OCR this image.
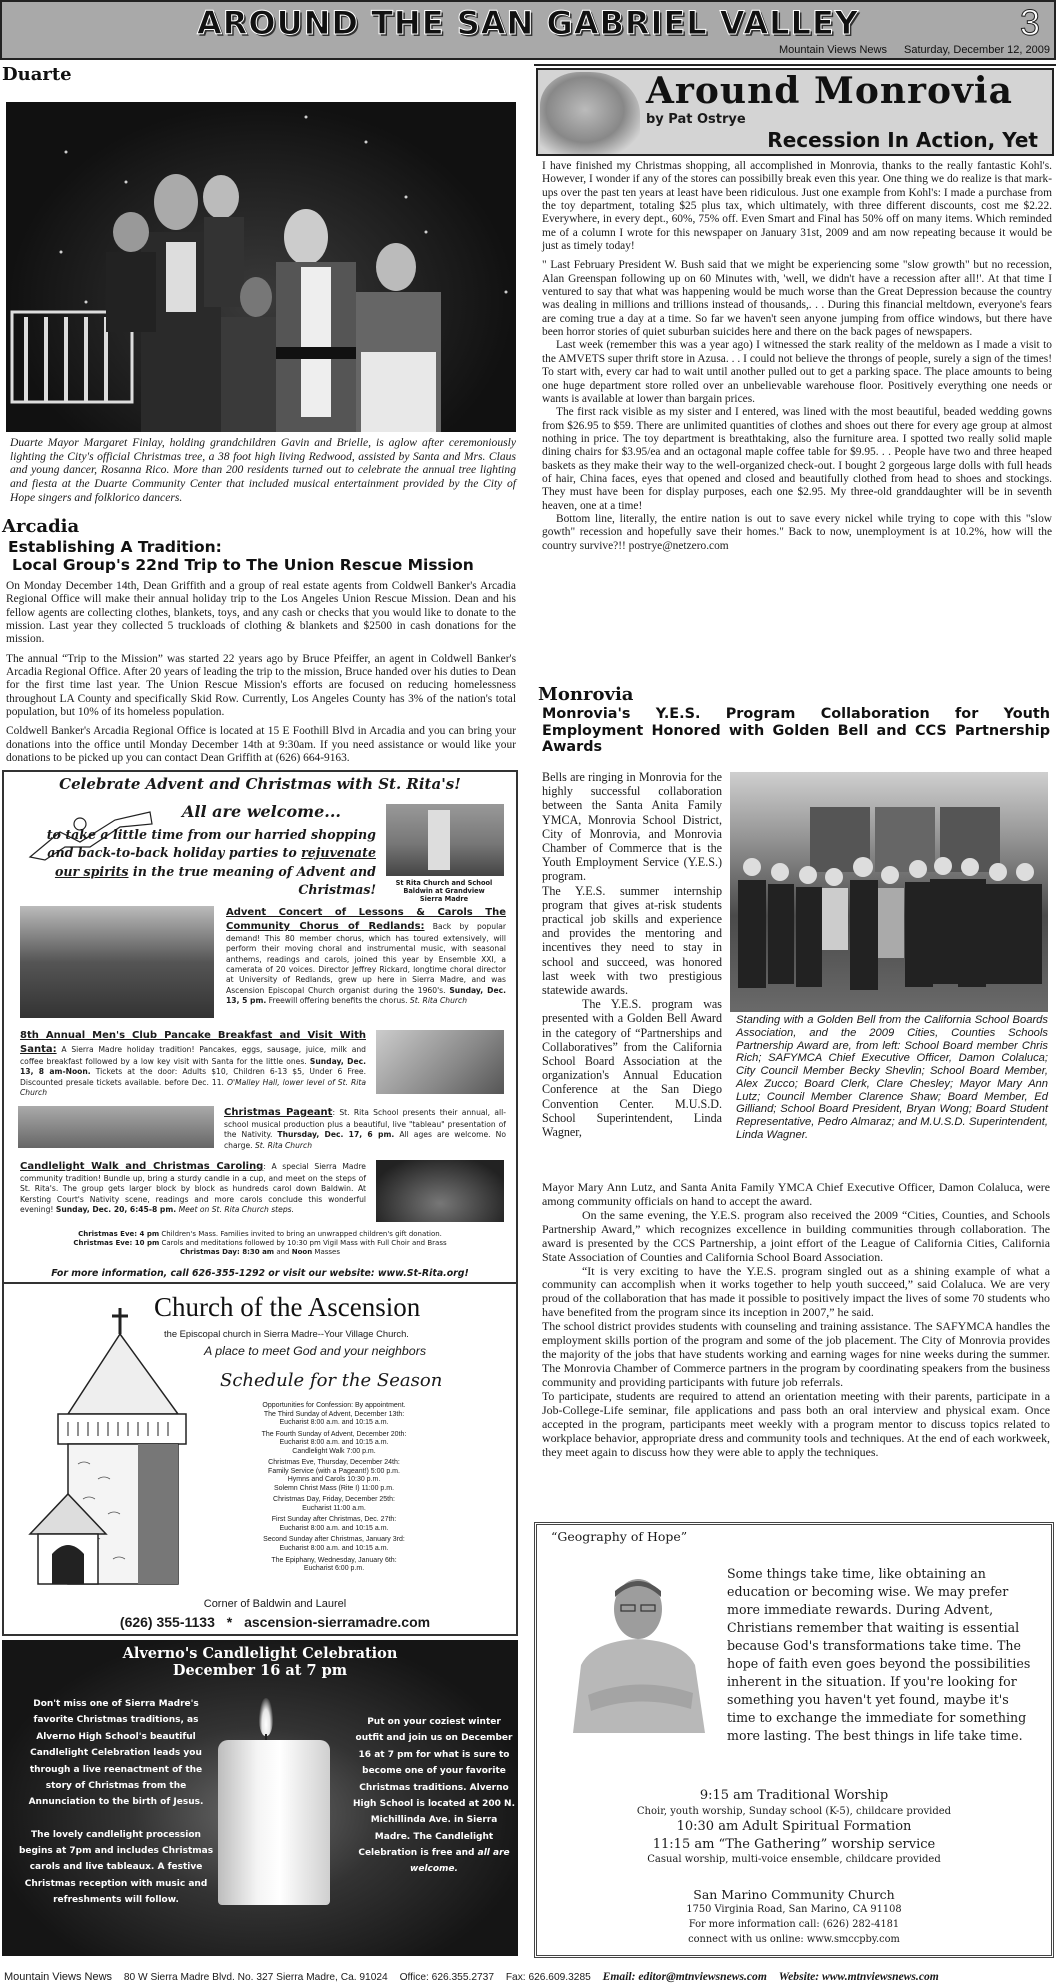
AROUND THE SAN GABRIEL VALLEY	3
Mountain Views News Saturday, December 12, 2009
Duarte
Duarte Mayor Margaret Finlay, holding grandchildren Gavin and Brielle, is aglow after ceremoniously lighting the City's official Christmas tree, a 38 foot high living Redwood, assisted by Santa and Mrs. Claus and young dancer, Rosanna Rico. More than 200 residents turned out to celebrate the annual tree lighting and fiesta at the Duarte Community Center that included musical entertainment provided by the City of Hope singers and folklorico dancers.
Arcadia
Establishing A Tradition:
Local Group's 22nd Trip to The Union Rescue Mission

On Monday December 14th, Dean Griffith and a group of real estate agents from Coldwell Banker's Arcadia Regional Office will make their annual holiday trip to the Los Angeles Union Rescue Mission. Dean and his fellow agents are collecting clothes, blankets, toys, and any cash or checks that you would like to donate to the mission. Last year they collected 5 truckloads of clothing & blankets and $2500 in cash donations for the mission.

The annual “Trip to the Mission” was started 22 years ago by Bruce Pfeiffer, an agent in Coldwell Banker's Arcadia Regional Office. After 20 years of leading the trip to the mission, Bruce handed over his duties to Dean for the first time last year. The Union Rescue Mission's efforts are focused on reducing homelessness throughout LA County and specifically Skid Row. Currently, Los Angeles County has 3% of the nation's total population, but 10% of its homeless population.

Coldwell Banker's Arcadia Regional Office is located at 15 E Foothill Blvd in Arcadia and you can bring your donations into the office until Monday December 14th at 9:30am. If you need assistance or would like your donations to be picked up you can contact Dean Griffith at (626) 664-9163.

Celebrate Advent and Christmas with St. Rita's!
All are welcome...
to take a little time from our harried shopping and back-to-back holiday parties to rejuvenate our spirits in the true meaning of Advent and Christmas!	St Rita Church and School
Baldwin at Grandview
Sierra Madre
Advent Concert of Lessons & Carols The Community Chorus of Redlands: Back by popular demand! This 80 member chorus, which has toured extensively, will perform their moving choral and instrumental music, with seasonal anthems, readings and carols, joined this year by Ensemble XXI, a camerata of 20 voices. Director Jeffrey Rickard, longtime choral director at University of Redlands, grew up here in Sierra Madre, and was Ascension Episcopal Church organist during the 1960's. Sunday, Dec. 13, 5 pm. Freewill offering benefits the chorus. St. Rita Church
8th Annual Men's Club Pancake Breakfast and Visit With Santa: A Sierra Madre holiday tradition! Pancakes, eggs, sausage, juice, milk and coffee breakfast followed by a low key visit with Santa for the little ones. Sunday, Dec. 13, 8 am-Noon. Tickets at the door: Adults $10, Children 6-13 $5, Under 6 Free. Discounted presale tickets available. before Dec. 11. O'Malley Hall, lower level of St. Rita Church
Christmas Pageant: St. Rita School presents their annual, all-school musical production plus a beautiful, live "tableau" presentation of the Nativity. Thursday, Dec. 17, 6 pm. All ages are welcome. No charge. St. Rita Church
Candlelight Walk and Christmas Caroling: A special Sierra Madre community tradition! Bundle up, bring a sturdy candle in a cup, and meet on the steps of St. Rita's. The group gets larger block by block as hundreds carol down Baldwin. At Kersting Court's Nativity scene, readings and more carols conclude this wonderful evening! Sunday, Dec. 20, 6:45-8 pm. Meet on St. Rita Church steps.
Christmas Eve: 4 pm Children's Mass. Families invited to bring an unwrapped children's gift donation.
Christmas Eve: 10 pm Carols and meditations followed by 10:30 pm Vigil Mass with Full Choir and Brass
Christmas Day: 8:30 am and Noon Masses
For more information, call 626-355-1292 or visit our website: www.St-Rita.org!
Church of the Ascension
the Episcopal church in Sierra Madre--Your Village Church.
A place to meet God and your neighbors
Schedule for the Season
Opportunities for Confession: By appointment.
The Third Sunday of Advent, December 13th:
Eucharist 8:00 a.m. and 10:15 a.m.
The Fourth Sunday of Advent, December 20th:
Eucharist 8:00 a.m. and 10:15 a.m.
Candlelight Walk 7:00 p.m.
Christmas Eve, Thursday, December 24th:
Family Service (with a Pageant!) 5:00 p.m.
Hymns and Carols 10:30 p.m.
Solemn Christ Mass (Rite I) 11:00 p.m.
Christmas Day, Friday, December 25th:
Eucharist 11:00 a.m.
First Sunday after Christmas, Dec. 27th:
Eucharist 8:00 a.m. and 10:15 a.m.
Second Sunday after Christmas, January 3rd:
Eucharist 8:00 a.m. and 10:15 a.m.
The Epiphany, Wednesday, January 6th:
Eucharist 6:00 p.m.
Corner of Baldwin and Laurel
(626) 355-1133 * ascension-sierramadre.com
Alverno's Candlelight Celebration
December 16 at 7 pm
Don't miss one of Sierra Madre's favorite Christmas traditions, as Alverno High School's beautiful Candlelight Celebration leads you through a live reenactment of the story of Christmas from the Annunciation to the birth of Jesus.
The lovely candlelight procession begins at 7pm and includes Christmas carols and live tableaux. A festive Christmas reception with music and refreshments will follow.
Put on your coziest winter outfit and join us on December 16 at 7 pm for what is sure to become one of your favorite Christmas traditions. Alverno High School is located at 200 N. Michillinda Ave. in Sierra Madre. The Candlelight Celebration is free and all are welcome.
Around Monrovia
by Pat Ostrye
Recession In Action, Yet

I have finished my Christmas shopping, all accomplished in Monrovia, thanks to the really fantastic Kohl's. However, I wonder if any of the stores can possibilly break even this year. One thing we do realize is that mark-ups over the past ten years at least have been ridiculous. Just one example from Kohl's: I made a purchase from the toy department, totaling $25 plus tax, which ultimately, with three different discounts, cost me $2.22. Everywhere, in every dept., 60%, 75% off. Even Smart and Final has 50% off on many items. Which reminded me of a column I wrote for this newspaper on January 31st, 2009 and am now repeating because it would be just as timely today!

" Last February President W. Bush said that we might be experiencing some "slow growth" but no recession, Alan Greenspan following up on 60 Minutes with, 'well, we didn't have a recession after all!'. At that time I ventured to say that what was happening would be much worse than the Great Depression because the country was dealing in millions and trillions instead of thousands,. . . During this financial meltdown, everyone's fears are coming true a day at a time. So far we haven't seen anyone jumping from office windows, but there have been horror stories of quiet suburban suicides here and there on the back pages of newspapers.

Last week (remember this was a year ago) I witnessed the stark reality of the meldown as I made a visit to the AMVETS super thrift store in Azusa. . . I could not believe the throngs of people, surely a sign of the times! To start with, every car had to wait until another pulled out to get a parking space. The place amounts to being one huge department store rolled over an unbelievable warehouse floor. Positively everything one needs or wants is available at lower than bargain prices.

The first rack visible as my sister and I entered, was lined with the most beautiful, beaded wedding gowns from $26.95 to $59. There are unlimited quantities of clothes and shoes out there for every age group at almost nothing in price. The toy department is breathtaking, also the furniture area. I spotted two really solid maple dining chairs for $3.95/ea and an octagonal maple coffee table for $9.95. . . People have two and three heaped baskets as they make their way to the well-organized check-out. I bought 2 gorgeous large dolls with full heads of hair, China faces, eyes that opened and closed and beautifully clothed from head to shoes and stockings. They must have been for display purposes, each one $2.95. My three-old granddaughter will be in seventh heaven, one at a time!

Bottom line, literally, the entire nation is out to save every nickel while trying to cope with this "slow gowth" recession and hopefully save their homes." Back to now, unemployment is at 10.2%, how will the country survive?!! postrye@netzero.com

Monrovia
Monrovia's Y.E.S. Program Collaboration for Youth Employment Honored with Golden Bell and CCS Partnership Awards

Bells are ringing in Monrovia for the highly successful collaboration between the Santa Anita Family YMCA, Monrovia School District, City of Monrovia, and Monrovia Chamber of Commerce that is the Youth Employment Service (Y.E.S.) program.

The Y.E.S. summer internship program that gives at-risk students practical job skills and experience and provides the mentoring and incentives they need to stay in school and succeed, was honored last week with two prestigious statewide awards.

The Y.E.S. program was presented with a Golden Bell Award in the category of “Partnerships and Collaboratives” from the California School Board Association at the organization's Annual Education Conference at the San Diego Convention Center. M.U.S.D. School Superintendent, Linda Wagner,

Standing with a Golden Bell from the California School Boards Association, and the 2009 Cities, Counties Schools Partnership Award are, from left: School Board member Chris Rich; SAFYMCA Chief Executive Officer, Damon Colaluca; City Council Member Becky Shevlin; School Board Member, Alex Zucco; Board Clerk, Clare Chesley; Mayor Mary Ann Lutz; Council Member Clarence Shaw; Board Member, Ed Gilliand; School Board President, Bryan Wong; Board Student Representative, Pedro Almaraz; and M.U.S.D. Superintendent, Linda Wagner.

Mayor Mary Ann Lutz, and Santa Anita Family YMCA Chief Executive Officer, Damon Colaluca, were among community officials on hand to accept the award.

On the same evening, the Y.E.S. program also received the 2009 “Cities, Counties, and Schools Partnership Award,” which recognizes excellence in building communities through collaboration. The award is presented by the CCS Partnership, a joint effort of the League of California Cities, California State Association of Counties and California School Board Association.

“It is very exciting to have the Y.E.S. program singled out as a shining example of what a community can accomplish when it works together to help youth succeed,” said Colaluca. We are very proud of the collaboration that has made it possible to positively impact the lives of some 70 students who have benefited from the program since its inception in 2007,” he said.

The school district provides students with counseling and training assistance. The SAFYMCA handles the employment skills portion of the program and some of the job placement. The City of Monrovia provides the majority of the jobs that have students working and earning wages for nine weeks during the summer. The Monrovia Chamber of Commerce partners in the program by coordinating speakers from the business community and providing participants with future job referrals.

To participate, students are required to attend an orientation meeting with their parents, participate in a Job-College-Life seminar, file applications and pass both an oral interview and physical exam. Once accepted in the program, participants meet weekly with a program mentor to discuss topics related to workplace behavior, appropriate dress and community tools and techniques. At the end of each workweek, they meet again to discuss how they were able to apply the techniques.

“Geography of Hope”
Some things take time, like obtaining an education or becoming wise. We may prefer more immediate rewards. During Advent, Christians remember that waiting is essential because God's transformations take time. The hope of faith even goes beyond the possibilities inherent in the situation. If you're looking for something you haven't yet found, maybe it's time to exchange the immediate for something more lasting. The best things in life take time.
9:15 am Traditional Worship
Choir, youth worship, Sunday school (K-5), childcare provided
10:30 am Adult Spiritual Formation
11:15 am “The Gathering” worship service
Casual worship, multi-voice ensemble, childcare provided
San Marino Community Church
1750 Virginia Road, San Marino, CA 91108
For more information call: (626) 282-4181
connect with us online: www.smccpby.com
Mountain Views News 80 W Sierra Madre Blvd. No. 327 Sierra Madre, Ca. 91024 Office: 626.355.2737 Fax: 626.609.3285 Email: editor@mtnviewsnews.com Website: www.mtnviewsnews.com
